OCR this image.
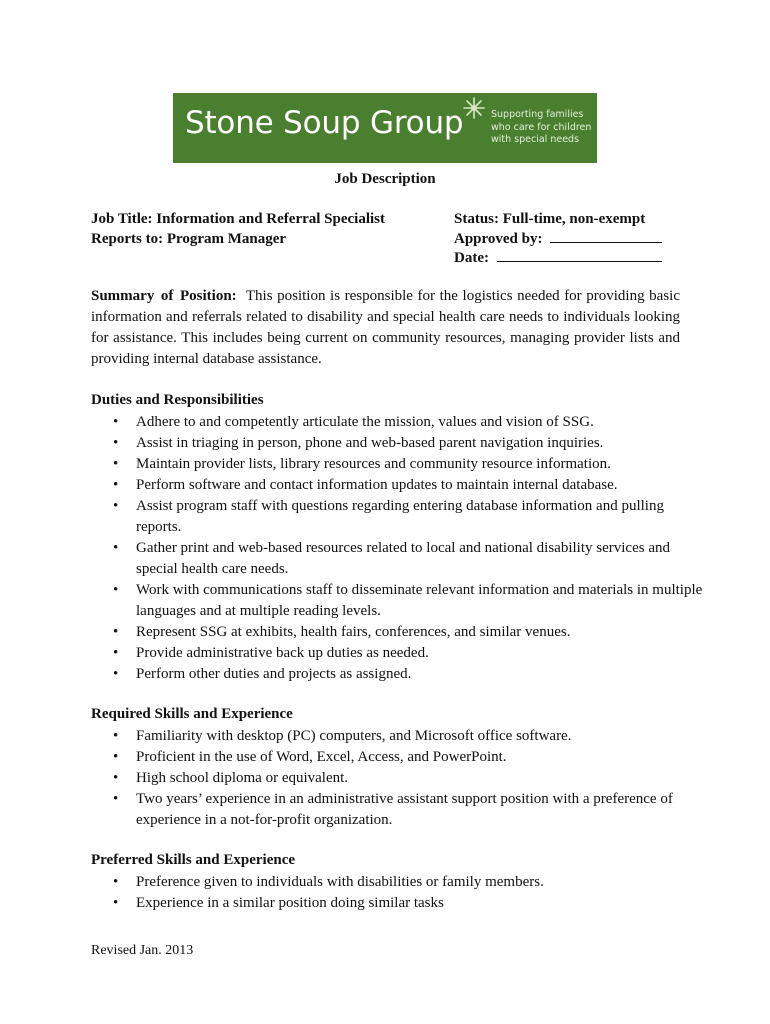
Stone Soup Group	Supporting families
who care for children
with special needs
Job Description
Job Title: Information and Referral Specialist
Reports to: Program Manager
Status: Full-time, non-exempt
Approved by:
Date:
Summary of Position: This position is responsible for the logistics needed for providing basic information and referrals related to disability and special health care needs to individuals looking for assistance. This includes being current on community resources, managing provider lists and providing internal database assistance.
Duties and Responsibilities
• Adhere to and competently articulate the mission, values and vision of SSG.
• Assist in triaging in person, phone and web-based parent navigation inquiries.
• Maintain provider lists, library resources and community resource information.
• Perform software and contact information updates to maintain internal database.
• Assist program staff with questions regarding entering database information and pulling reports.
• Gather print and web-based resources related to local and national disability services and special health care needs.
• Work with communications staff to disseminate relevant information and materials in multiple languages and at multiple reading levels.
• Represent SSG at exhibits, health fairs, conferences, and similar venues.
• Provide administrative back up duties as needed.
• Perform other duties and projects as assigned.
Required Skills and Experience
• Familiarity with desktop (PC) computers, and Microsoft office software.
• Proficient in the use of Word, Excel, Access, and PowerPoint.
• High school diploma or equivalent.
• Two years’ experience in an administrative assistant support position with a preference of experience in a not-for-profit organization.
Preferred Skills and Experience
• Preference given to individuals with disabilities or family members.
• Experience in a similar position doing similar tasks
Revised Jan. 2013
